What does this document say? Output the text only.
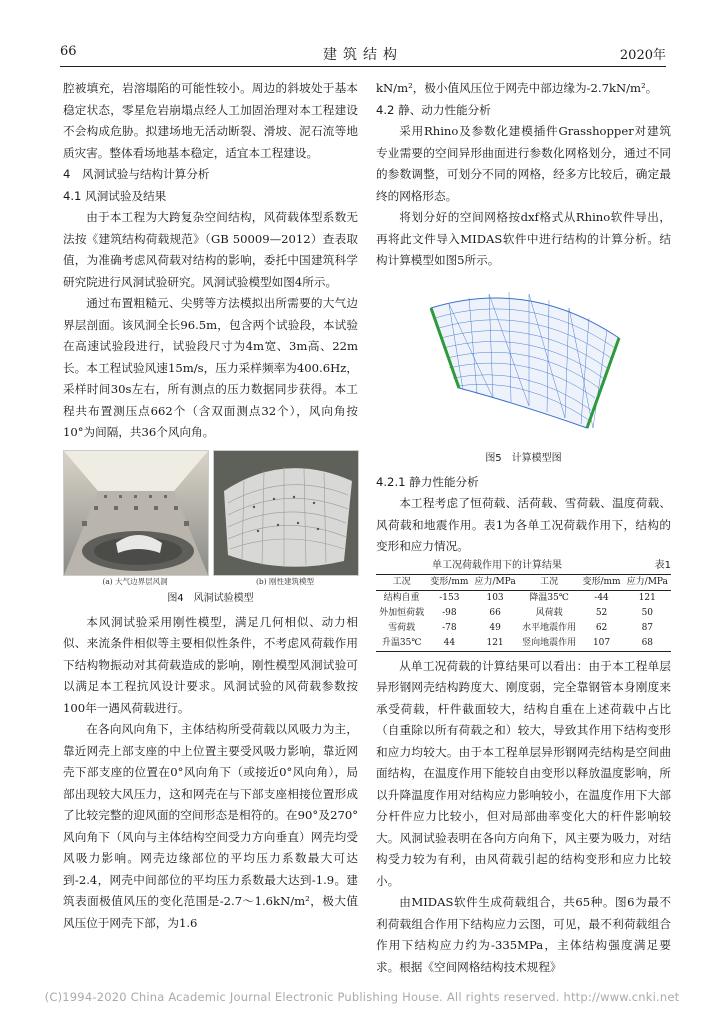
66	建筑结构	2020年

腔被填充，岩溶塌陷的可能性较小。周边的斜坡处于基本稳定状态，零星危岩崩塌点经人工加固治理对本工程建设不会构成危胁。拟建场地无活动断裂、滑坡、泥石流等地质灾害。整体看场地基本稳定，适宜本工程建设。

4　风洞试验与结构计算分析

4.1 风洞试验及结果

由于本工程为大跨复杂空间结构，风荷载体型系数无法按《建筑结构荷载规范》（GB 50009—2012）查表取值，为准确考虑风荷载对结构的影响，委托中国建筑科学研究院进行风洞试验研究。风洞试验模型如图4所示。

通过布置粗糙元、尖劈等方法模拟出所需要的大气边界层剖面。该风洞全长96.5m，包含两个试验段，本试验在高速试验段进行，试验段尺寸为4m宽、3m高、22m长。本工程试验风速15m/s，压力采样频率为400.6Hz，采样时间30s左右，所有测点的压力数据同步获得。本工程共布置测压点662个（含双面测点32个），风向角按10°为间隔，共36个风向角。

(a) 大气边界层风洞	(b) 刚性建筑模型
图4　风洞试验模型

本风洞试验采用刚性模型，满足几何相似、动力相似、来流条件相似等主要相似性条件，不考虑风荷载作用下结构物振动对其荷载造成的影响，刚性模型风洞试验可以满足本工程抗风设计要求。风洞试验的风荷载参数按100年一遇风荷载进行。

在各向风向角下，主体结构所受荷载以风吸力为主，靠近网壳上部支座的中上位置主要受风吸力影响，靠近网壳下部支座的位置在0°风向角下（或接近0°风向角），局部出现较大风压力，这和网壳在与下部支座相接位置形成了比较完整的迎风面的空间形态是相符的。在90°及270°风向角下（风向与主体结构空间受力方向垂直）网壳均受风吸力影响。网壳边缘部位的平均压力系数最大可达到-2.4，网壳中间部位的平均压力系数最大达到-1.9。建筑表面极值风压的变化范围是-2.7～1.6kN/m²，极大值风压位于网壳下部，为1.6

kN/m²，极小值风压位于网壳中部边缘为-2.7kN/m²。

4.2 静、动力性能分析

采用Rhino及参数化建模插件Grasshopper对建筑专业需要的空间异形曲面进行参数化网格划分，通过不同的参数调整，可划分不同的网格，经多方比较后，确定最终的网格形态。

将划分好的空间网格按dxf格式从Rhino软件导出，再将此文件导入MIDAS软件中进行结构的计算分析。结构计算模型如图5所示。

图5　计算模型图

4.2.1 静力性能分析

本工程考虑了恒荷载、活荷载、雪荷载、温度荷载、风荷载和地震作用。表1为各单工况荷载作用下，结构的变形和应力情况。

单工况荷载作用下的计算结果	表1
工况	变形/mm	应力/MPa	工况	变形/mm	应力/MPa
结构自重	-153	103	降温35℃	-44	121
外加恒荷载	-98	66	风荷载	52	50
雪荷载	-78	49	水平地震作用	62	87
升温35℃	44	121	竖向地震作用	107	68

从单工况荷载的计算结果可以看出：由于本工程单层异形钢网壳结构跨度大、刚度弱，完全靠钢管本身刚度来承受荷载，杆件截面较大，结构自重在上述荷载中占比（自重除以所有荷载之和）较大，导致其作用下结构变形和应力均较大。由于本工程单层异形钢网壳结构是空间曲面结构，在温度作用下能较自由变形以释放温度影响，所以升降温度作用对结构应力影响较小，在温度作用下大部分杆件应力比较小，但对局部曲率变化大的杆件影响较大。风洞试验表明在各向方向角下，风主要为吸力，对结构受力较为有利，由风荷载引起的结构变形和应力比较小。

由MIDAS软件生成荷载组合，共65种。图6为最不利荷载组合作用下结构应力云图，可见，最不利荷载组合作用下结构应力约为-335MPa，主体结构强度满足要求。根据《空间网格结构技术规程》

(C)1994-2020 China Academic Journal Electronic Publishing House. All rights reserved. http://www.cnki.net
